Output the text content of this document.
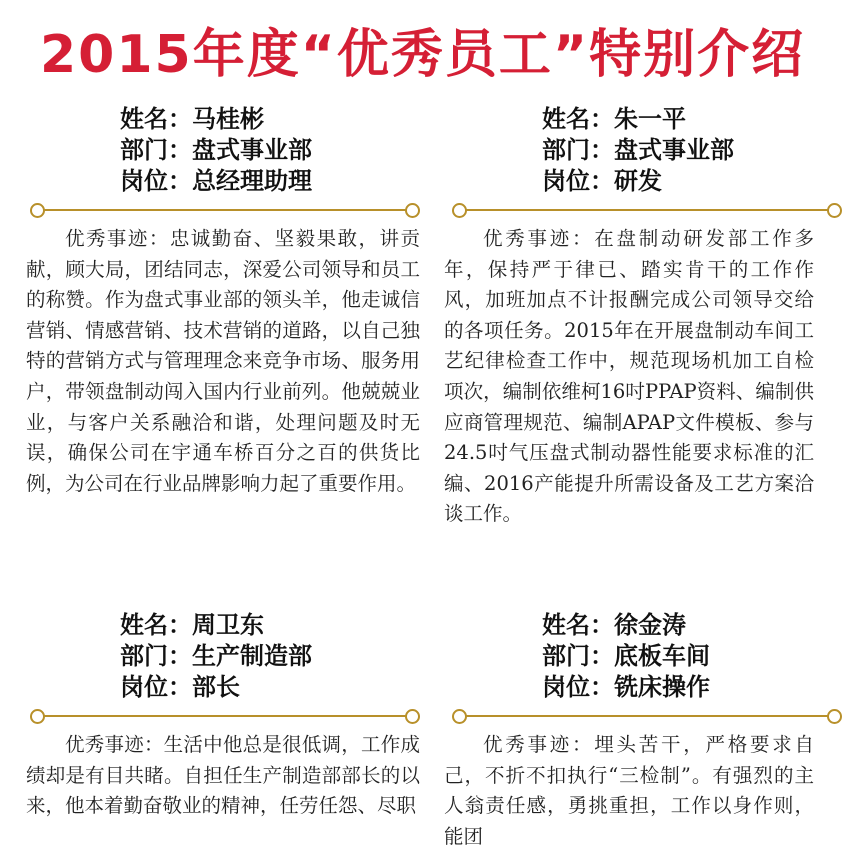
2015年度“优秀员工”特别介绍
姓名：马桂彬
部门：盘式事业部
岗位：总经理助理
优秀事迹：忠诚勤奋、坚毅果敢，讲贡献，顾大局，团结同志，深爱公司领导和员工的称赞。作为盘式事业部的领头羊，他走诚信营销、情感营销、技术营销的道路，以自己独特的营销方式与管理理念来竞争市场、服务用户，带领盘制动闯入国内行业前列。他兢兢业业，与客户关系融洽和谐，处理问题及时无误，确保公司在宇通车桥百分之百的供货比例，为公司在行业品牌影响力起了重要作用。
姓名：朱一平
部门：盘式事业部
岗位：研发
优秀事迹：在盘制动研发部工作多年，保持严于律已、踏实肯干的工作作风，加班加点不计报酬完成公司领导交给的各项任务。2015年在开展盘制动车间工艺纪律检查工作中，规范现场机加工自检项次，编制依维柯16吋PPAP资料、编制供应商管理规范、编制APAP文件模板、参与24.5吋气压盘式制动器性能要求标准的汇编、2016产能提升所需设备及工艺方案洽谈工作。
姓名：周卫东
部门：生产制造部
岗位：部长
优秀事迹：生活中他总是很低调，工作成绩却是有目共睹。自担任生产制造部部长的以来，他本着勤奋敬业的精神，任劳任怨、尽职
姓名：徐金涛
部门：底板车间
岗位：铣床操作
优秀事迹：埋头苦干，严格要求自己，不折不扣执行“三检制”。有强烈的主人翁责任感，勇挑重担，工作以身作则，能团
